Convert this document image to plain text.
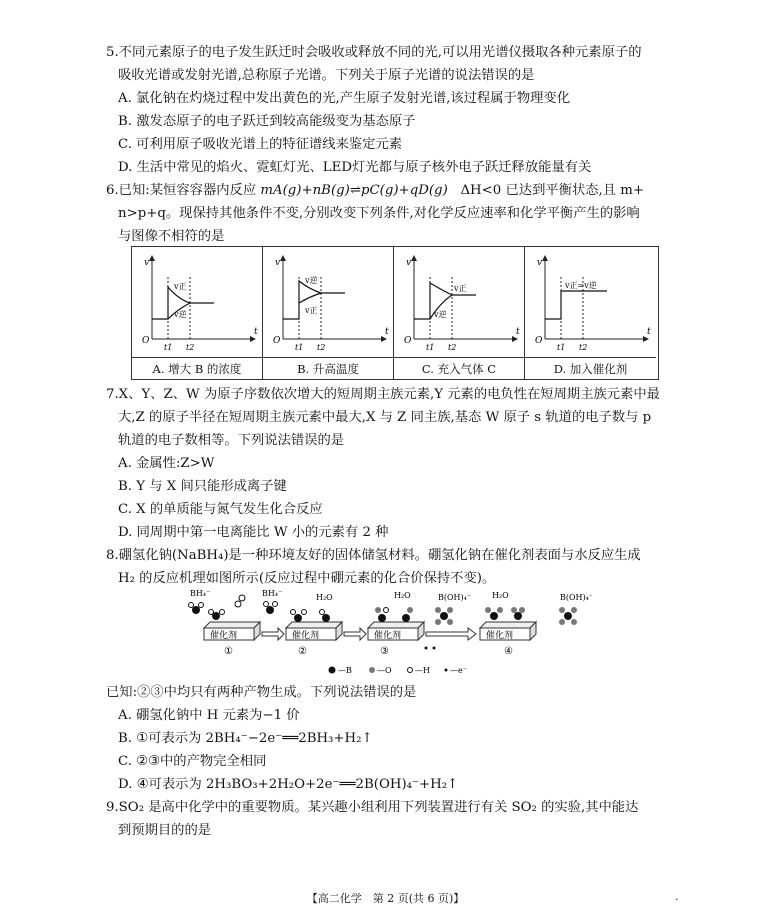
5.不同元素原子的电子发生跃迁时会吸收或释放不同的光,可以用光谱仪摄取各种元素原子的
吸收光谱或发射光谱,总称原子光谱。下列关于原子光谱的说法错误的是
A. 氯化钠在灼烧过程中发出黄色的光,产生原子发射光谱,该过程属于物理变化
B. 激发态原子的电子跃迁到较高能级变为基态原子
C. 可利用原子吸收光谱上的特征谱线来鉴定元素
D. 生活中常见的焰火、霓虹灯光、LED灯光都与原子核外电子跃迁释放能量有关
6.已知:某恒容容器内反应 mA(g)+nB(g)⇌pC(g)+qD(g) ΔH<0 已达到平衡状态,且 m+
n>p+q。现保持其他条件不变,分别改变下列条件,对化学反应速率和化学平衡产生的影响
与图像不相符的是
v
t
O
t1 t2
v正
v逆
A. 增大 B 的浓度
v
t
O
t1 t2
v逆
v正
B. 升高温度
v
t
O
t1 t2
v正
v逆
C. 充入气体 C
v
t
O
t1 t2
v正=v逆
D. 加入催化剂
7.X、Y、Z、W 为原子序数依次增大的短周期主族元素,Y 元素的电负性在短周期主族元素中最
大,Z 的原子半径在短周期主族元素中最大,X 与 Z 同主族,基态 W 原子 s 轨道的电子数与 p
轨道的电子数相等。下列说法错误的是
A. 金属性:Z>W
B. Y 与 X 间只能形成离子键
C. X 的单质能与氮气发生化合反应
D. 同周期中第一电离能比 W 小的元素有 2 种
8.硼氢化钠(NaBH₄)是一种环境友好的固体储氢材料。硼氢化钠在催化剂表面与水反应生成
H₂ 的反应机理如图所示(反应过程中硼元素的化合价保持不变)。
催化剂	催化剂	催化剂	催化剂
BH₄⁻	BH₄⁻	H₂O	H₂O	H₂O
B(OH)₄⁻	B(OH)₄⁻
①	②	③	④
—B	—O	—H	—e⁻
已知:②③中均只有两种产物生成。下列说法错误的是
A. 硼氢化钠中 H 元素为−1 价
B. ①可表示为 2BH₄⁻−2e⁻══2BH₃+H₂↑
C. ②③中的产物完全相同
D. ④可表示为 2H₃BO₃+2H₂O+2e⁻══2B(OH)₄⁻+H₂↑
9.SO₂ 是高中化学中的重要物质。某兴趣小组利用下列装置进行有关 SO₂ 的实验,其中能达
到预期目的的是
【高二化学　第 2 页(共 6 页)】	·
